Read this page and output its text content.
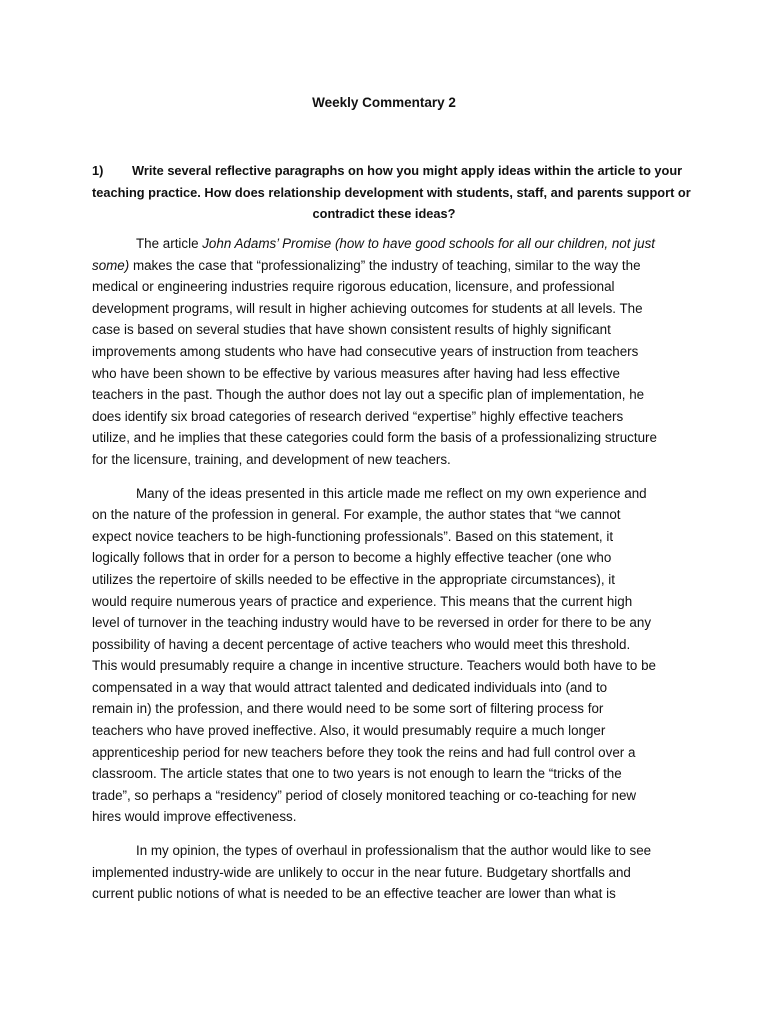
Weekly Commentary 2
1) Write several reflective paragraphs on how you might apply ideas within the article to your
teaching practice. How does relationship development with students, staff, and parents support or
contradict these ideas?

The article John Adams’ Promise (how to have good schools for all our children, not just
some) makes the case that “professionalizing” the industry of teaching, similar to the way the
medical or engineering industries require rigorous education, licensure, and professional
development programs, will result in higher achieving outcomes for students at all levels. The
case is based on several studies that have shown consistent results of highly significant
improvements among students who have had consecutive years of instruction from teachers
who have been shown to be effective by various measures after having had less effective
teachers in the past. Though the author does not lay out a specific plan of implementation, he
does identify six broad categories of research derived “expertise” highly effective teachers
utilize, and he implies that these categories could form the basis of a professionalizing structure
for the licensure, training, and development of new teachers.

Many of the ideas presented in this article made me reflect on my own experience and
on the nature of the profession in general. For example, the author states that “we cannot
expect novice teachers to be high-functioning professionals”. Based on this statement, it
logically follows that in order for a person to become a highly effective teacher (one who
utilizes the repertoire of skills needed to be effective in the appropriate circumstances), it
would require numerous years of practice and experience. This means that the current high
level of turnover in the teaching industry would have to be reversed in order for there to be any
possibility of having a decent percentage of active teachers who would meet this threshold.
This would presumably require a change in incentive structure. Teachers would both have to be
compensated in a way that would attract talented and dedicated individuals into (and to
remain in) the profession, and there would need to be some sort of filtering process for
teachers who have proved ineffective. Also, it would presumably require a much longer
apprenticeship period for new teachers before they took the reins and had full control over a
classroom. The article states that one to two years is not enough to learn the “tricks of the
trade”, so perhaps a “residency” period of closely monitored teaching or co-teaching for new
hires would improve effectiveness.

In my opinion, the types of overhaul in professionalism that the author would like to see
implemented industry-wide are unlikely to occur in the near future. Budgetary shortfalls and
current public notions of what is needed to be an effective teacher are lower than what is
